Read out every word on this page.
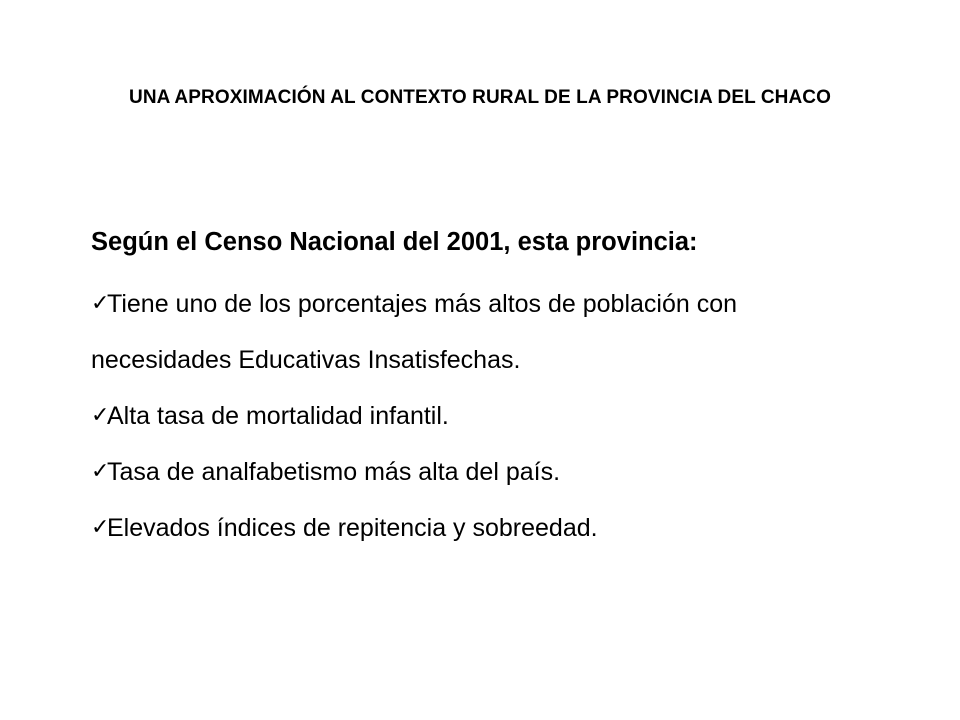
UNA APROXIMACIÓN AL CONTEXTO RURAL DE LA PROVINCIA DEL CHACO

Según el Censo Nacional del 2001, esta provincia:

✓
Tiene uno de los porcentajes más altos de población con
necesidades Educativas Insatisfechas.
✓
Alta tasa de mortalidad infantil.
✓
Tasa de analfabetismo más alta del país.
✓
Elevados índices de repitencia y sobreedad.
